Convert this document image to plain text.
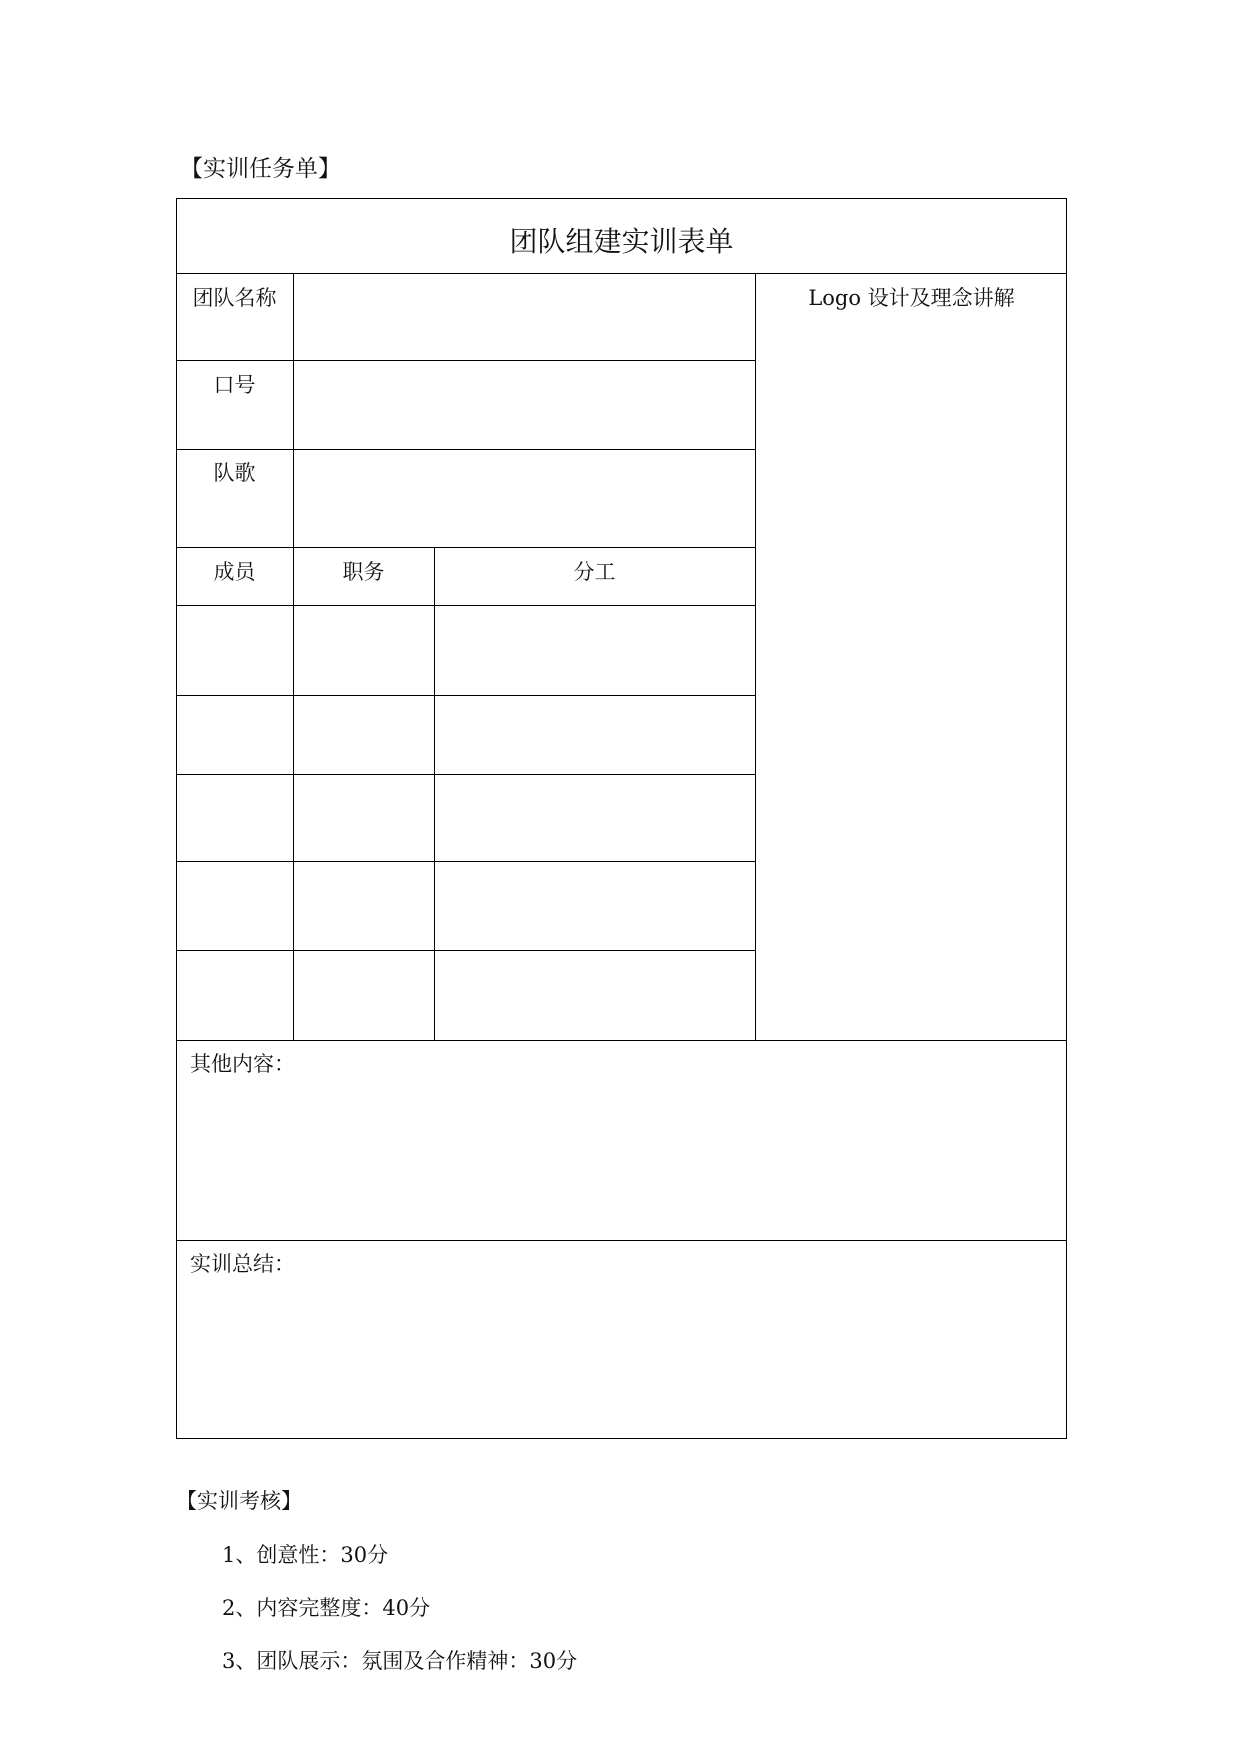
【实训任务单】
团队组建实训表单
团队名称
口号
队歌
Logo 设计及理念讲解
成员	职务	分工
其他内容：
实训总结：
【实训考核】
1、创意性：30分
2、内容完整度：40分
3、团队展示：氛围及合作精神：30分
